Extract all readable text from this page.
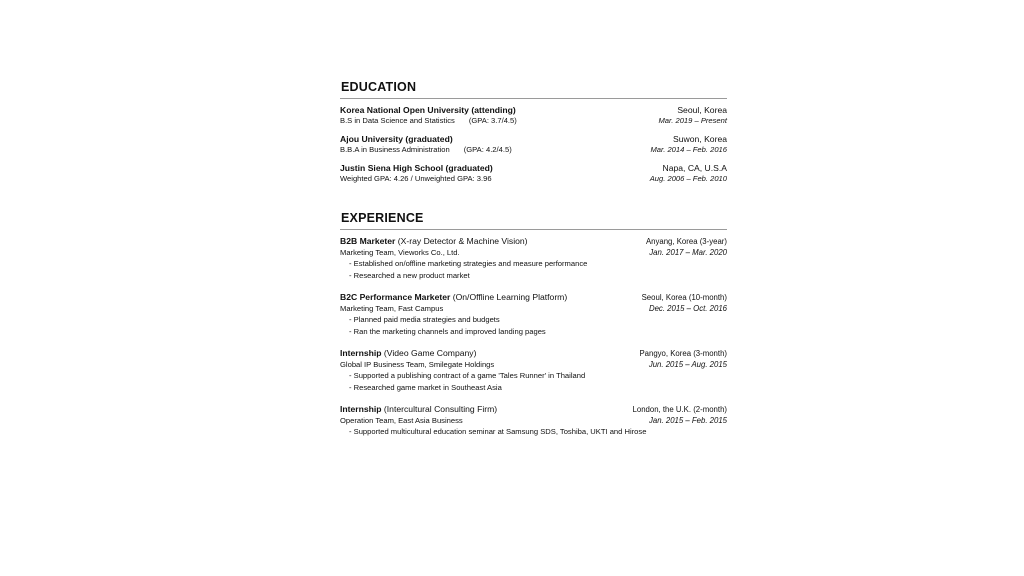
EDUCATION
Korea National Open University (attending)	Seoul, Korea
B.S in Data Science and Statistics (GPA: 3.7/4.5)	Mar. 2019 – Present
Ajou University (graduated)	Suwon, Korea
B.B.A in Business Administration (GPA: 4.2/4.5)	Mar. 2014 – Feb. 2016
Justin Siena High School (graduated)	Napa, CA, U.S.A
Weighted GPA: 4.26 / Unweighted GPA: 3.96	Aug. 2006 – Feb. 2010
EXPERIENCE
B2B Marketer (X-ray Detector & Machine Vision)	Anyang, Korea (3-year)
Marketing Team, Vieworks Co., Ltd.	Jan. 2017 – Mar. 2020
- Established on/offline marketing strategies and measure performance
- Researched a new product market
B2C Performance Marketer (On/Offline Learning Platform)	Seoul, Korea (10-month)
Marketing Team, Fast Campus	Dec. 2015 – Oct. 2016
- Planned paid media strategies and budgets
- Ran the marketing channels and improved landing pages
Internship (Video Game Company)	Pangyo, Korea (3-month)
Global IP Business Team, Smilegate Holdings	Jun. 2015 – Aug. 2015
- Supported a publishing contract of a game 'Tales Runner' in Thailand
- Researched game market in Southeast Asia
Internship (Intercultural Consulting Firm)	London, the U.K. (2-month)
Operation Team, East Asia Business	Jan. 2015 – Feb. 2015
- Supported multicultural education seminar at Samsung SDS, Toshiba, UKTI and Hirose
